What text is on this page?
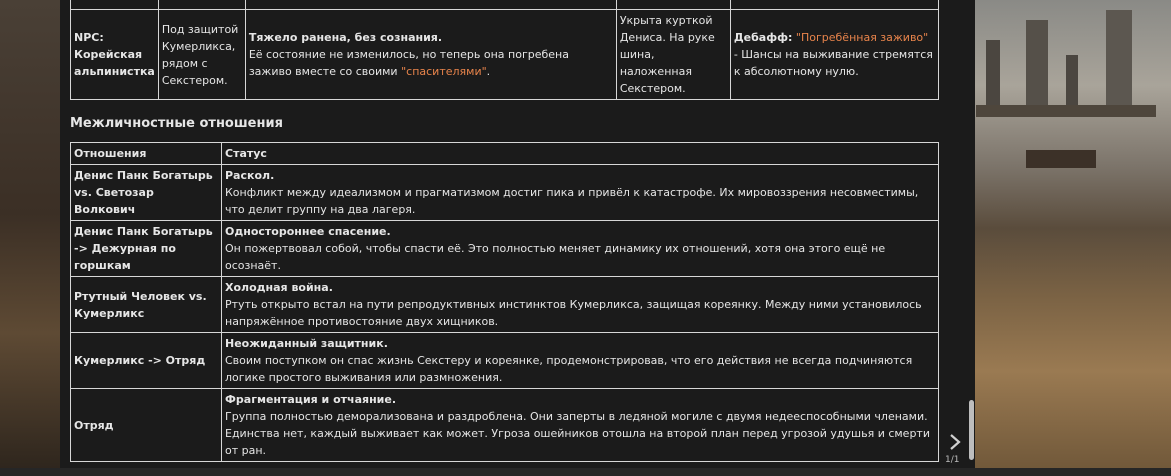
NPC: Корейская альпинистка	Под защитой Кумерликса, рядом с Секстером.	Тяжело ранена, без сознания.
Её состояние не изменилось, но теперь она погребена заживо вместе со своими "спасителями".	Укрыта курткой Дениса. На руке шина, наложенная Секстером.	Дебафф: "Погребённая заживо" - Шансы на выживание стремятся к абсолютному нулю.
Межличностные отношения
Отношения	Статус
Денис Панк Богатырь vs. Светозар Волкович	Раскол.
Конфликт между идеализмом и прагматизмом достиг пика и привёл к катастрофе. Их мировоззрения несовместимы, что делит группу на два лагеря.
Денис Панк Богатырь -> Дежурная по горшкам	Одностороннее спасение.
Он пожертвовал собой, чтобы спасти её. Это полностью меняет динамику их отношений, хотя она этого ещё не осознаёт.
Ртутный Человек vs. Кумерликс	Холодная война.
Ртуть открыто встал на пути репродуктивных инстинктов Кумерликса, защищая кореянку. Между ними установилось напряжённое противостояние двух хищников.
Кумерликс -> Отряд	Неожиданный защитник.
Своим поступком он спас жизнь Секстеру и кореянке, продемонстрировав, что его действия не всегда подчиняются логике простого выживания или размножения.
Отряд	Фрагментация и отчаяние.
Группа полностью деморализована и раздроблена. Они заперты в ледяной могиле с двумя недееспособными членами. Единства нет, каждый выживает как может. Угроза ошейников отошла на второй план перед угрозой удушья и смерти от ран.
1/1
